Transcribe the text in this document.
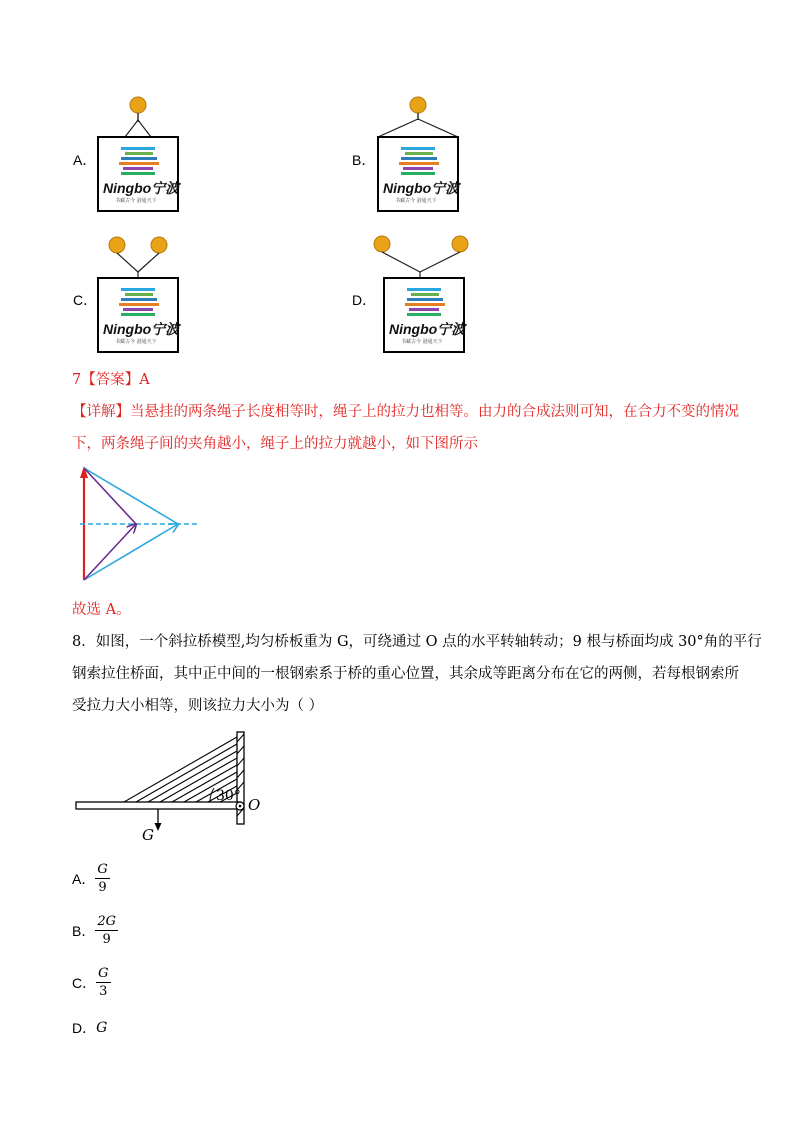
A．	B．
C．	D．
Ningbo宁波
书藏古今 港通天下
Ningbo宁波
书藏古今 港通天下
Ningbo宁波
书藏古今 港通天下
Ningbo宁波
书藏古今 港通天下
7【答案】A
【详解】当悬挂的两条绳子长度相等时，绳子上的拉力也相等。由力的合成法则可知，在合力不变的情况
下，两条绳子间的夹角越小，绳子上的拉力就越小，如下图所示
故选 A。
8．如图，一个斜拉桥模型,均匀桥板重为 G，可绕通过 O 点的水平转轴转动；9 根与桥面均成 30°角的平行
钢索拉住桥面，其中正中间的一根钢索系于桥的重心位置，其余成等距离分布在它的两侧，若每根钢索所
受拉力大小相等，则该拉力大小为（ ）
30° O
G
A． $\frac{G}{9}$
B． $\frac{2G}{9}$
C． $\frac{G}{3}$
D． G
